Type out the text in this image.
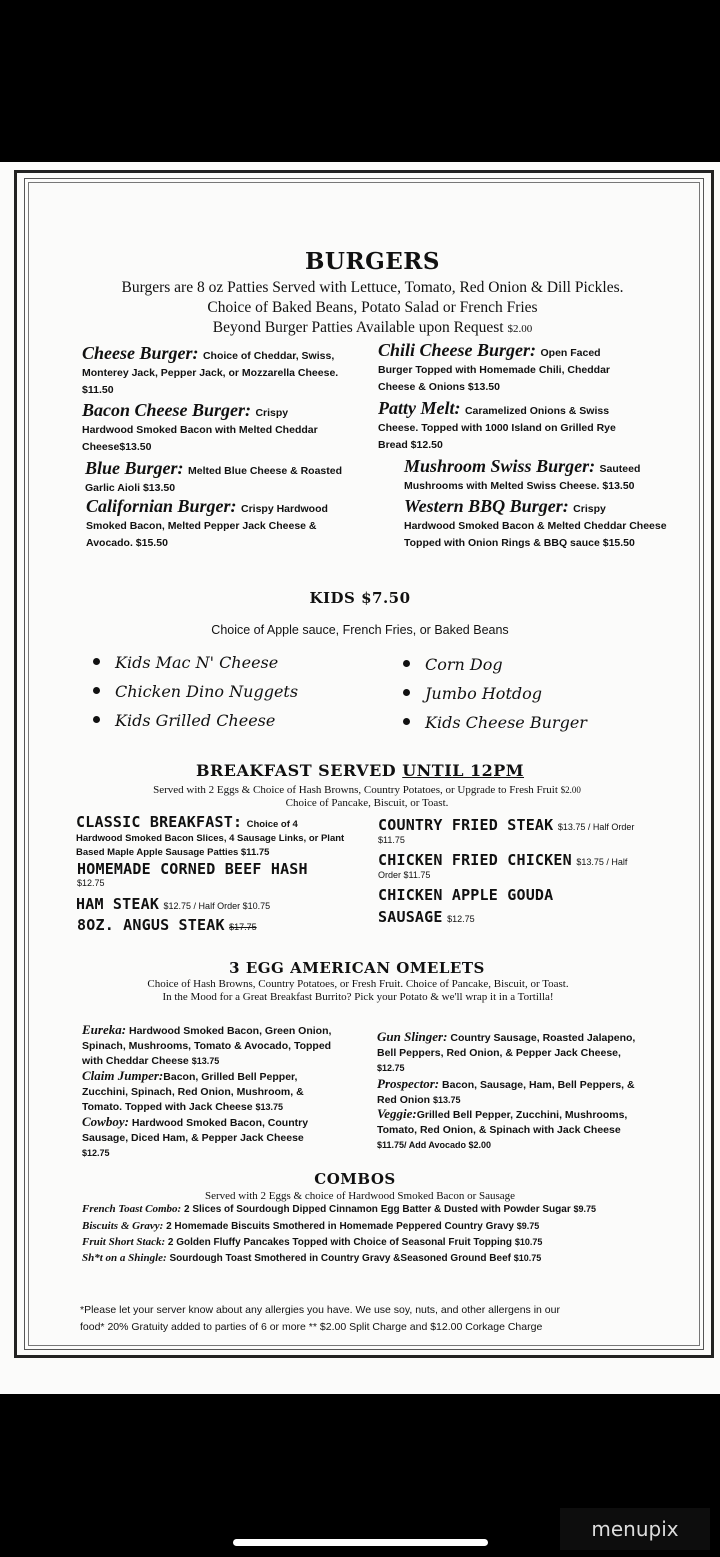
BURGERS
Burgers are 8 oz Patties Served with Lettuce, Tomato, Red Onion & Dill Pickles.
Choice of Baked Beans, Potato Salad or French Fries
Beyond Burger Patties Available upon Request $2.00
Cheese Burger: Choice of Cheddar, Swiss,
Monterey Jack, Pepper Jack, or Mozzarella Cheese.
$11.50
Bacon Cheese Burger: Crispy
Hardwood Smoked Bacon with Melted Cheddar
Cheese$13.50
Blue Burger: Melted Blue Cheese & Roasted
Garlic Aioli $13.50
Californian Burger: Crispy Hardwood
Smoked Bacon, Melted Pepper Jack Cheese &
Avocado. $15.50
Chili Cheese Burger: Open Faced
Burger Topped with Homemade Chili, Cheddar
Cheese & Onions $13.50
Patty Melt: Caramelized Onions & Swiss
Cheese. Topped with 1000 Island on Grilled Rye
Bread $12.50
Mushroom Swiss Burger: Sauteed
Mushrooms with Melted Swiss Cheese. $13.50
Western BBQ Burger: Crispy
Hardwood Smoked Bacon & Melted Cheddar Cheese
Topped with Onion Rings & BBQ sauce $15.50
KIDS $7.50
Choice of Apple sauce, French Fries, or Baked Beans
Kids Mac N' Cheese
Chicken Dino Nuggets
Kids Grilled Cheese
Corn Dog
Jumbo Hotdog
Kids Cheese Burger
BREAKFAST SERVED UNTIL 12PM
Served with 2 Eggs & Choice of Hash Browns, Country Potatoes, or Upgrade to Fresh Fruit $2.00
Choice of Pancake, Biscuit, or Toast.
CLASSIC BREAKFAST: Choice of 4
Hardwood Smoked Bacon Slices, 4 Sausage Links, or Plant
Based Maple Apple Sausage Patties $11.75
HOMEMADE CORNED BEEF HASH
$12.75
HAM STEAK $12.75 / Half Order $10.75
8OZ. ANGUS STEAK $17.75
COUNTRY FRIED STEAK $13.75 / Half Order
$11.75
CHICKEN FRIED CHICKEN $13.75 / Half
Order $11.75
CHICKEN APPLE GOUDA
SAUSAGE $12.75
3 EGG AMERICAN OMELETS
Choice of Hash Browns, Country Potatoes, or Fresh Fruit. Choice of Pancake, Biscuit, or Toast.
In the Mood for a Great Breakfast Burrito? Pick your Potato & we'll wrap it in a Tortilla!
Eureka: Hardwood Smoked Bacon, Green Onion, Spinach, Mushrooms, Tomato & Avocado, Topped with Cheddar Cheese $13.75
Claim Jumper:Bacon, Grilled Bell Pepper, Zucchini, Spinach, Red Onion, Mushroom, & Tomato. Topped with Jack Cheese $13.75
Cowboy: Hardwood Smoked Bacon, Country Sausage, Diced Ham, & Pepper Jack Cheese $12.75
Gun Slinger: Country Sausage, Roasted Jalapeno, Bell Peppers, Red Onion, & Pepper Jack Cheese, $12.75
Prospector: Bacon, Sausage, Ham, Bell Peppers, & Red Onion $13.75
Veggie:Grilled Bell Pepper, Zucchini, Mushrooms, Tomato, Red Onion, & Spinach with Jack Cheese
$11.75/ Add Avocado $2.00
COMBOS
Served with 2 Eggs & choice of Hardwood Smoked Bacon or Sausage
French Toast Combo: 2 Slices of Sourdough Dipped Cinnamon Egg Batter & Dusted with Powder Sugar $9.75
Biscuits & Gravy: 2 Homemade Biscuits Smothered in Homemade Peppered Country Gravy $9.75
Fruit Short Stack: 2 Golden Fluffy Pancakes Topped with Choice of Seasonal Fruit Topping $10.75
Sh*t on a Shingle: Sourdough Toast Smothered in Country Gravy &Seasoned Ground Beef $10.75
*Please let your server know about any allergies you have. We use soy, nuts, and other allergens in our
food* 20% Gratuity added to parties of 6 or more ** $2.00 Split Charge and $12.00 Corkage Charge
menupix
